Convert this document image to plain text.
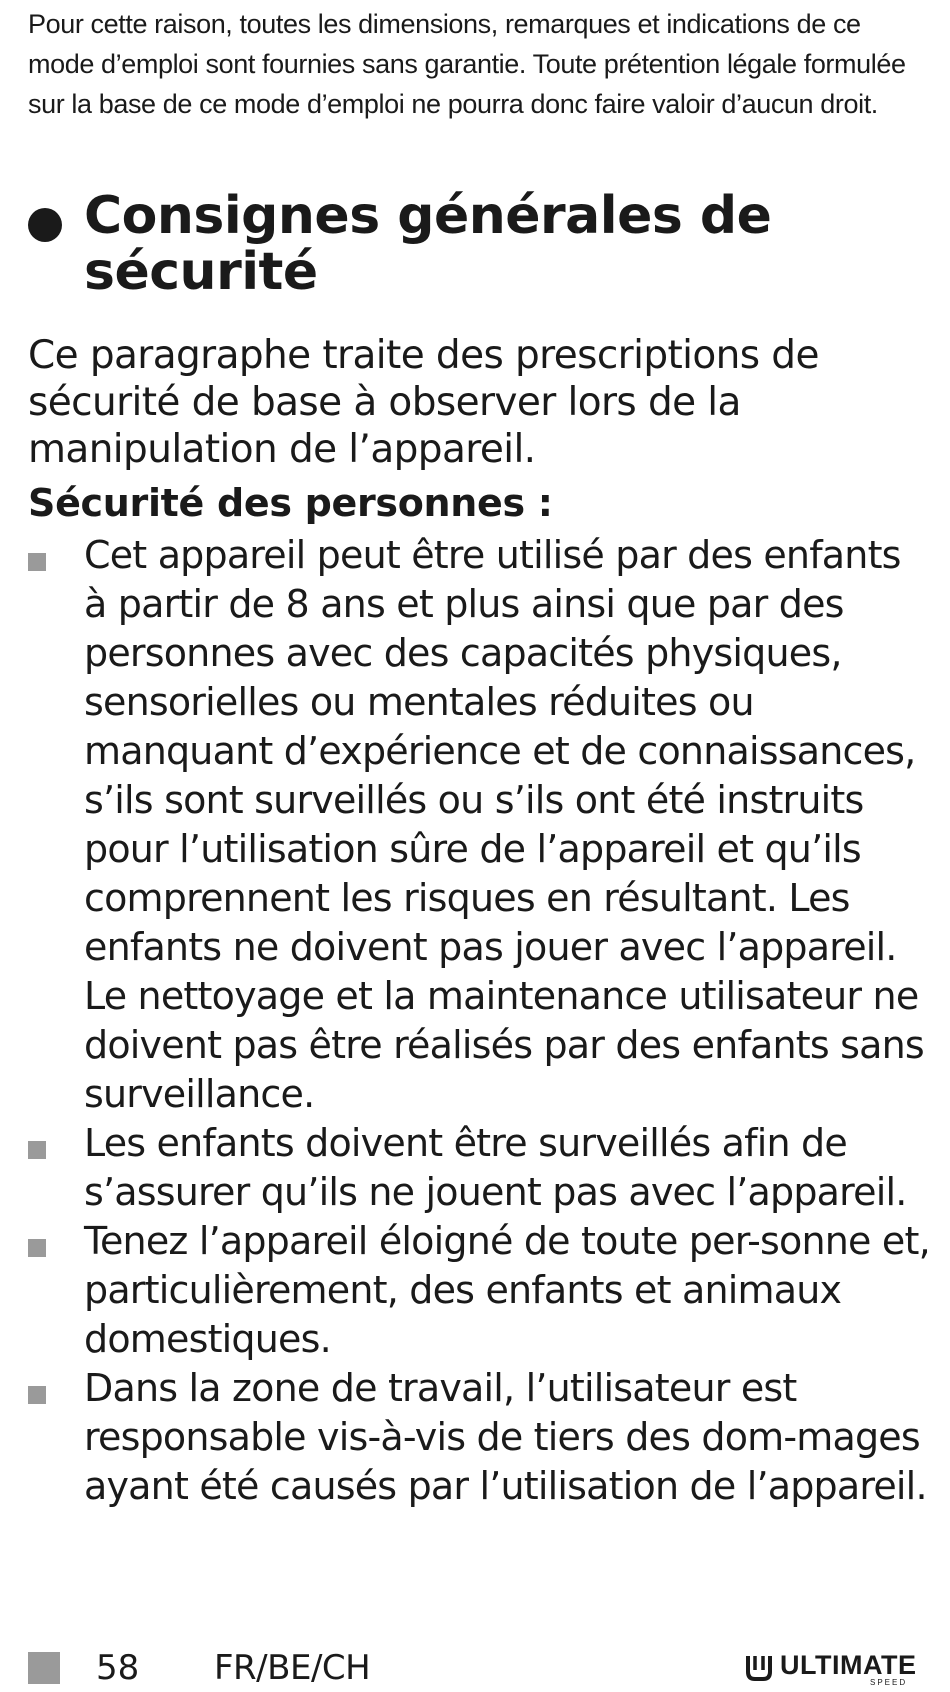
Pour cette raison, toutes les dimensions, remarques et indications de ce mode d’emploi sont fournies sans garantie. Toute prétention légale formulée sur la base de ce mode d’emploi ne pourra donc faire valoir d’aucun droit.

Consignes générales de
sécurité

Ce paragraphe traite des prescriptions de sécurité de base à observer lors de la manipulation de l’appareil.

Sécurité des personnes :
Cet appareil peut être utilisé par des enfants à partir de 8 ans et plus ainsi que par des personnes avec des capacités physiques, sensorielles ou mentales réduites ou manquant d’expérience et de connaissances, s’ils sont surveillés ou s’ils ont été instruits pour l’utilisation sûre de l’appareil et qu’ils comprennent les risques en résultant. Les enfants ne doivent pas jouer avec l’appareil. Le nettoyage et la maintenance utilisateur ne doivent pas être réalisés par des enfants sans surveillance.
Les enfants doivent être surveillés afin de s’assurer qu’ils ne jouent pas avec l’appareil.
Tenez l’appareil éloigné de toute per-sonne et, particulièrement, des enfants et animaux domestiques.
Dans la zone de travail, l’utilisateur est responsable vis-à-vis de tiers des dom-mages ayant été causés par l’utilisation de l’appareil.
58 FR/BE/CH	ULTIMATE
SPEED
